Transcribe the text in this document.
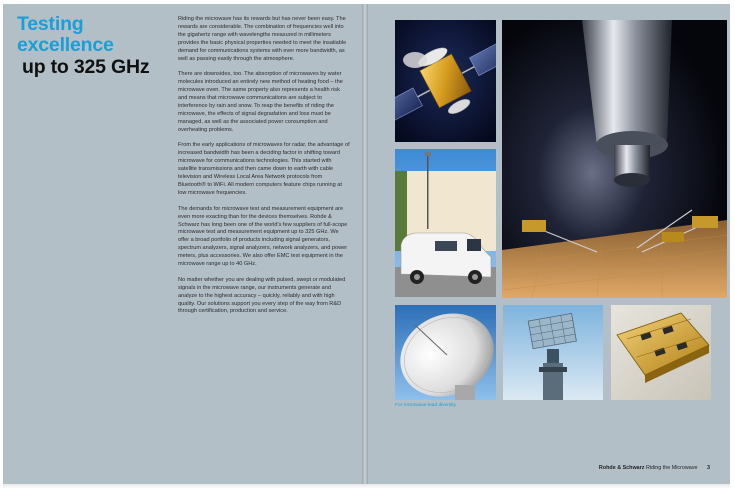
Testing excellence
up to 325 GHz

Riding the microwave has its rewards but has never been easy. The rewards are considerable. The combination of frequencies well into the gigahertz range with wavelengths measured in millimeters provides the basic physical properties needed to meet the insatiable demand for communications systems with ever more bandwidth, as well as passing easily through the atmosphere.

There are downsides, too. The absorption of microwaves by water molecules introduced an entirely new method of heating food – the microwave oven. The same property also represents a health risk and means that microwave communications are subject to interference by rain and snow. To reap the benefits of riding the microwave, the effects of signal degradation and loss must be managed, as well as the associated power consumption and overheating problems.

From the early applications of microwaves for radar, the advantage of increased bandwidth has been a deciding factor in shifting toward microwave for communications technologies. This started with satellite transmissions and then came down to earth with cable television and Wireless Local Area Network protocols from Bluetooth® to WiFi. All modern computers feature chips running at low microwave frequencies.

The demands for microwave test and measurement equipment are even more exacting than for the devices themselves. Rohde & Schwarz has long been one of the world's few suppliers of full-scope microwave test and measurement equipment up to 325 GHz. We offer a broad portfolio of products including signal generators, spectrum analyzers, signal analyzers, network analyzers, and power meters, plus accessories. We also offer EMC test equipment in the microwave range up to 40 GHz.

No matter whether you are dealing with pulsed, swept or modulated signals in the microwave range, our instruments generate and analyze to the highest accuracy – quickly, reliably and with high quality. Our solutions support you every step of the way from R&D through certification, production and service.

For microwave-lead diversity
Rohde & Schwarz Riding the Microwave 3
